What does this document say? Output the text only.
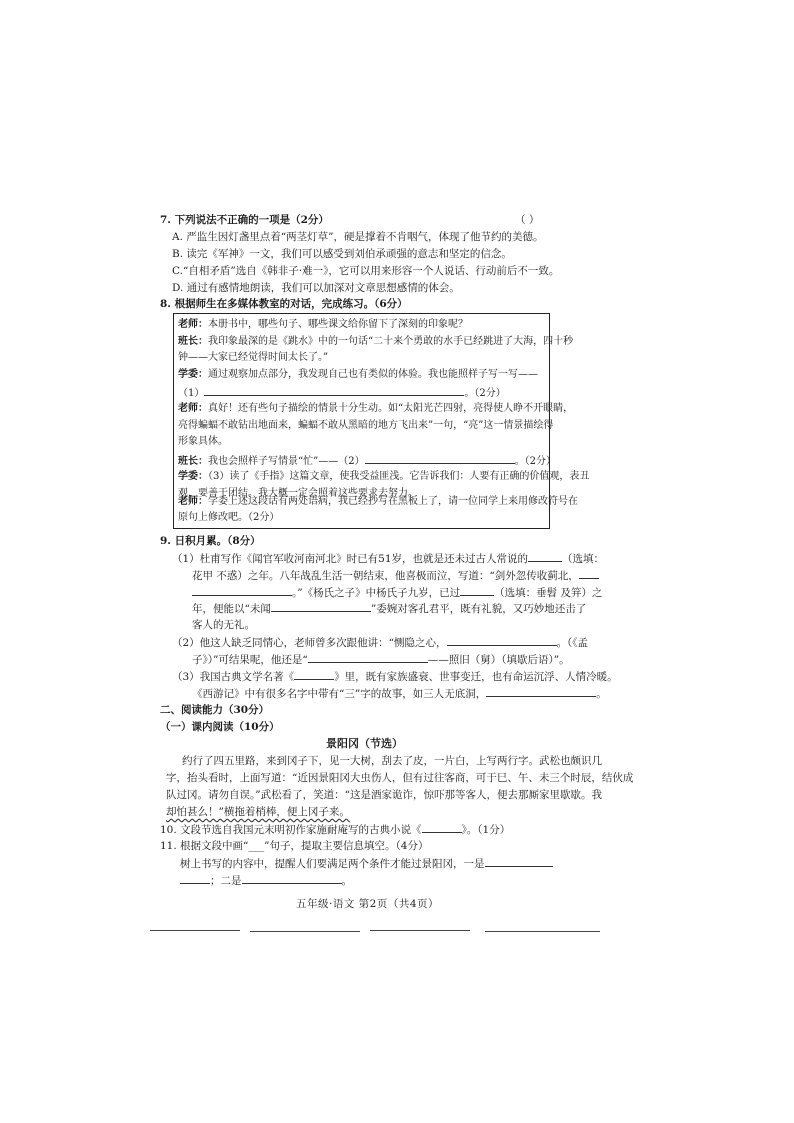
7. 下列说法不正确的一项是（2分）	（ ）
A. 严监生因灯盏里点着“两茎灯草”，硬是撑着不肯咽气，体现了他节约的美德。
B. 读完《军神》一文，我们可以感受到刘伯承顽强的意志和坚定的信念。
C.“自相矛盾”选自《韩非子·难一》，它可以用来形容一个人说话、行动前后不一致。
D. 通过有感情地朗读，我们可以加深对文章思想感情的体会。
8. 根据师生在多媒体教室的对话，完成练习。（6分）
老师：本册书中，哪些句子、哪些课文给你留下了深刻的印象呢？
班长：我印象最深的是《跳水》中的一句话“二十来个勇敢的水手已经跳进了大海，四十秒
钟——大家已经觉得时间太长了。”
学委：通过观察加点部分，我发现自己也有类似的体验。我也能照样子写一写——
（1）	。（2分）
老师：真好！还有些句子描绘的情景十分生动。如“太阳光芒四射，亮得使人睁不开眼睛，
亮得蝙蝠不敢钻出地面来，蝙蝠不敢从黑暗的地方飞出来”一句，“亮”这一情景描绘得
形象具体。
班长：我也会照样子写情景“忙”——（2）	。（2分）
学委：（3）读了《手指》这篇文章，使我受益匪浅。它告诉我们：人要有正确的价值观，表丑
观，要善于团结。我大概一定会照着这些要求去努力。
老师：学委上述这段话有两处语病，我已经抄写在黑板上了，请一位同学上来用修改符号在
原句上修改吧。（2分）
9. 日积月累。（8分）
（1）杜甫写作《闻官军收河南河北》时已有51岁，也就是还未过古人常说的	（选填：
花甲 不惑）之年。八年战乱生活一朝结束，他喜极而泣，写道：“剑外忽传收蓟北，
。”《杨氏之子》中杨氏子九岁，已过	（选填：垂髫 及笄）之
年，便能以“未闻	”委婉对客孔君平，既有礼貌，又巧妙地还击了
客人的无礼。
（2）他这人缺乏同情心，老师曾多次跟他讲：“恻隐之心，	。（《孟
子》）”可结果呢，他还是“	——照旧（舅）（填歇后语）”。
（3）我国古典文学名著《	》里，既有家族盛衰、世事变迁，也有命运沉浮、人情冷暖。
《西游记》中有很多名字中带有“三”字的故事，如三人无底洞，	。
二、阅读能力（30分）
（一）课内阅读（10分）
景阳冈（节选）
约行了四五里路，来到冈子下，见一大树，刮去了皮，一片白，上写两行字。武松也颇识几
字，抬头看时，上面写道：“近因景阳冈大虫伤人，但有过往客商，可于巳、午、未三个时辰，结伙成
队过冈。请勿自误。”武松看了，笑道：“这是酒家诡诈，惊吓那等客人，便去那厮家里歇歇。我
却怕甚么！”横拖着梢棒，便上冈子来。
10. 文段节选自我国元末明初作家施耐庵写的古典小说《	》。（1分）
11. 根据文段中画“___”句子，提取主要信息填空。（4分）
树上书写的内容中，提醒人们要满足两个条件才能过景阳冈，一是
；二是	。
五年级·语文 第2页（共4页）
